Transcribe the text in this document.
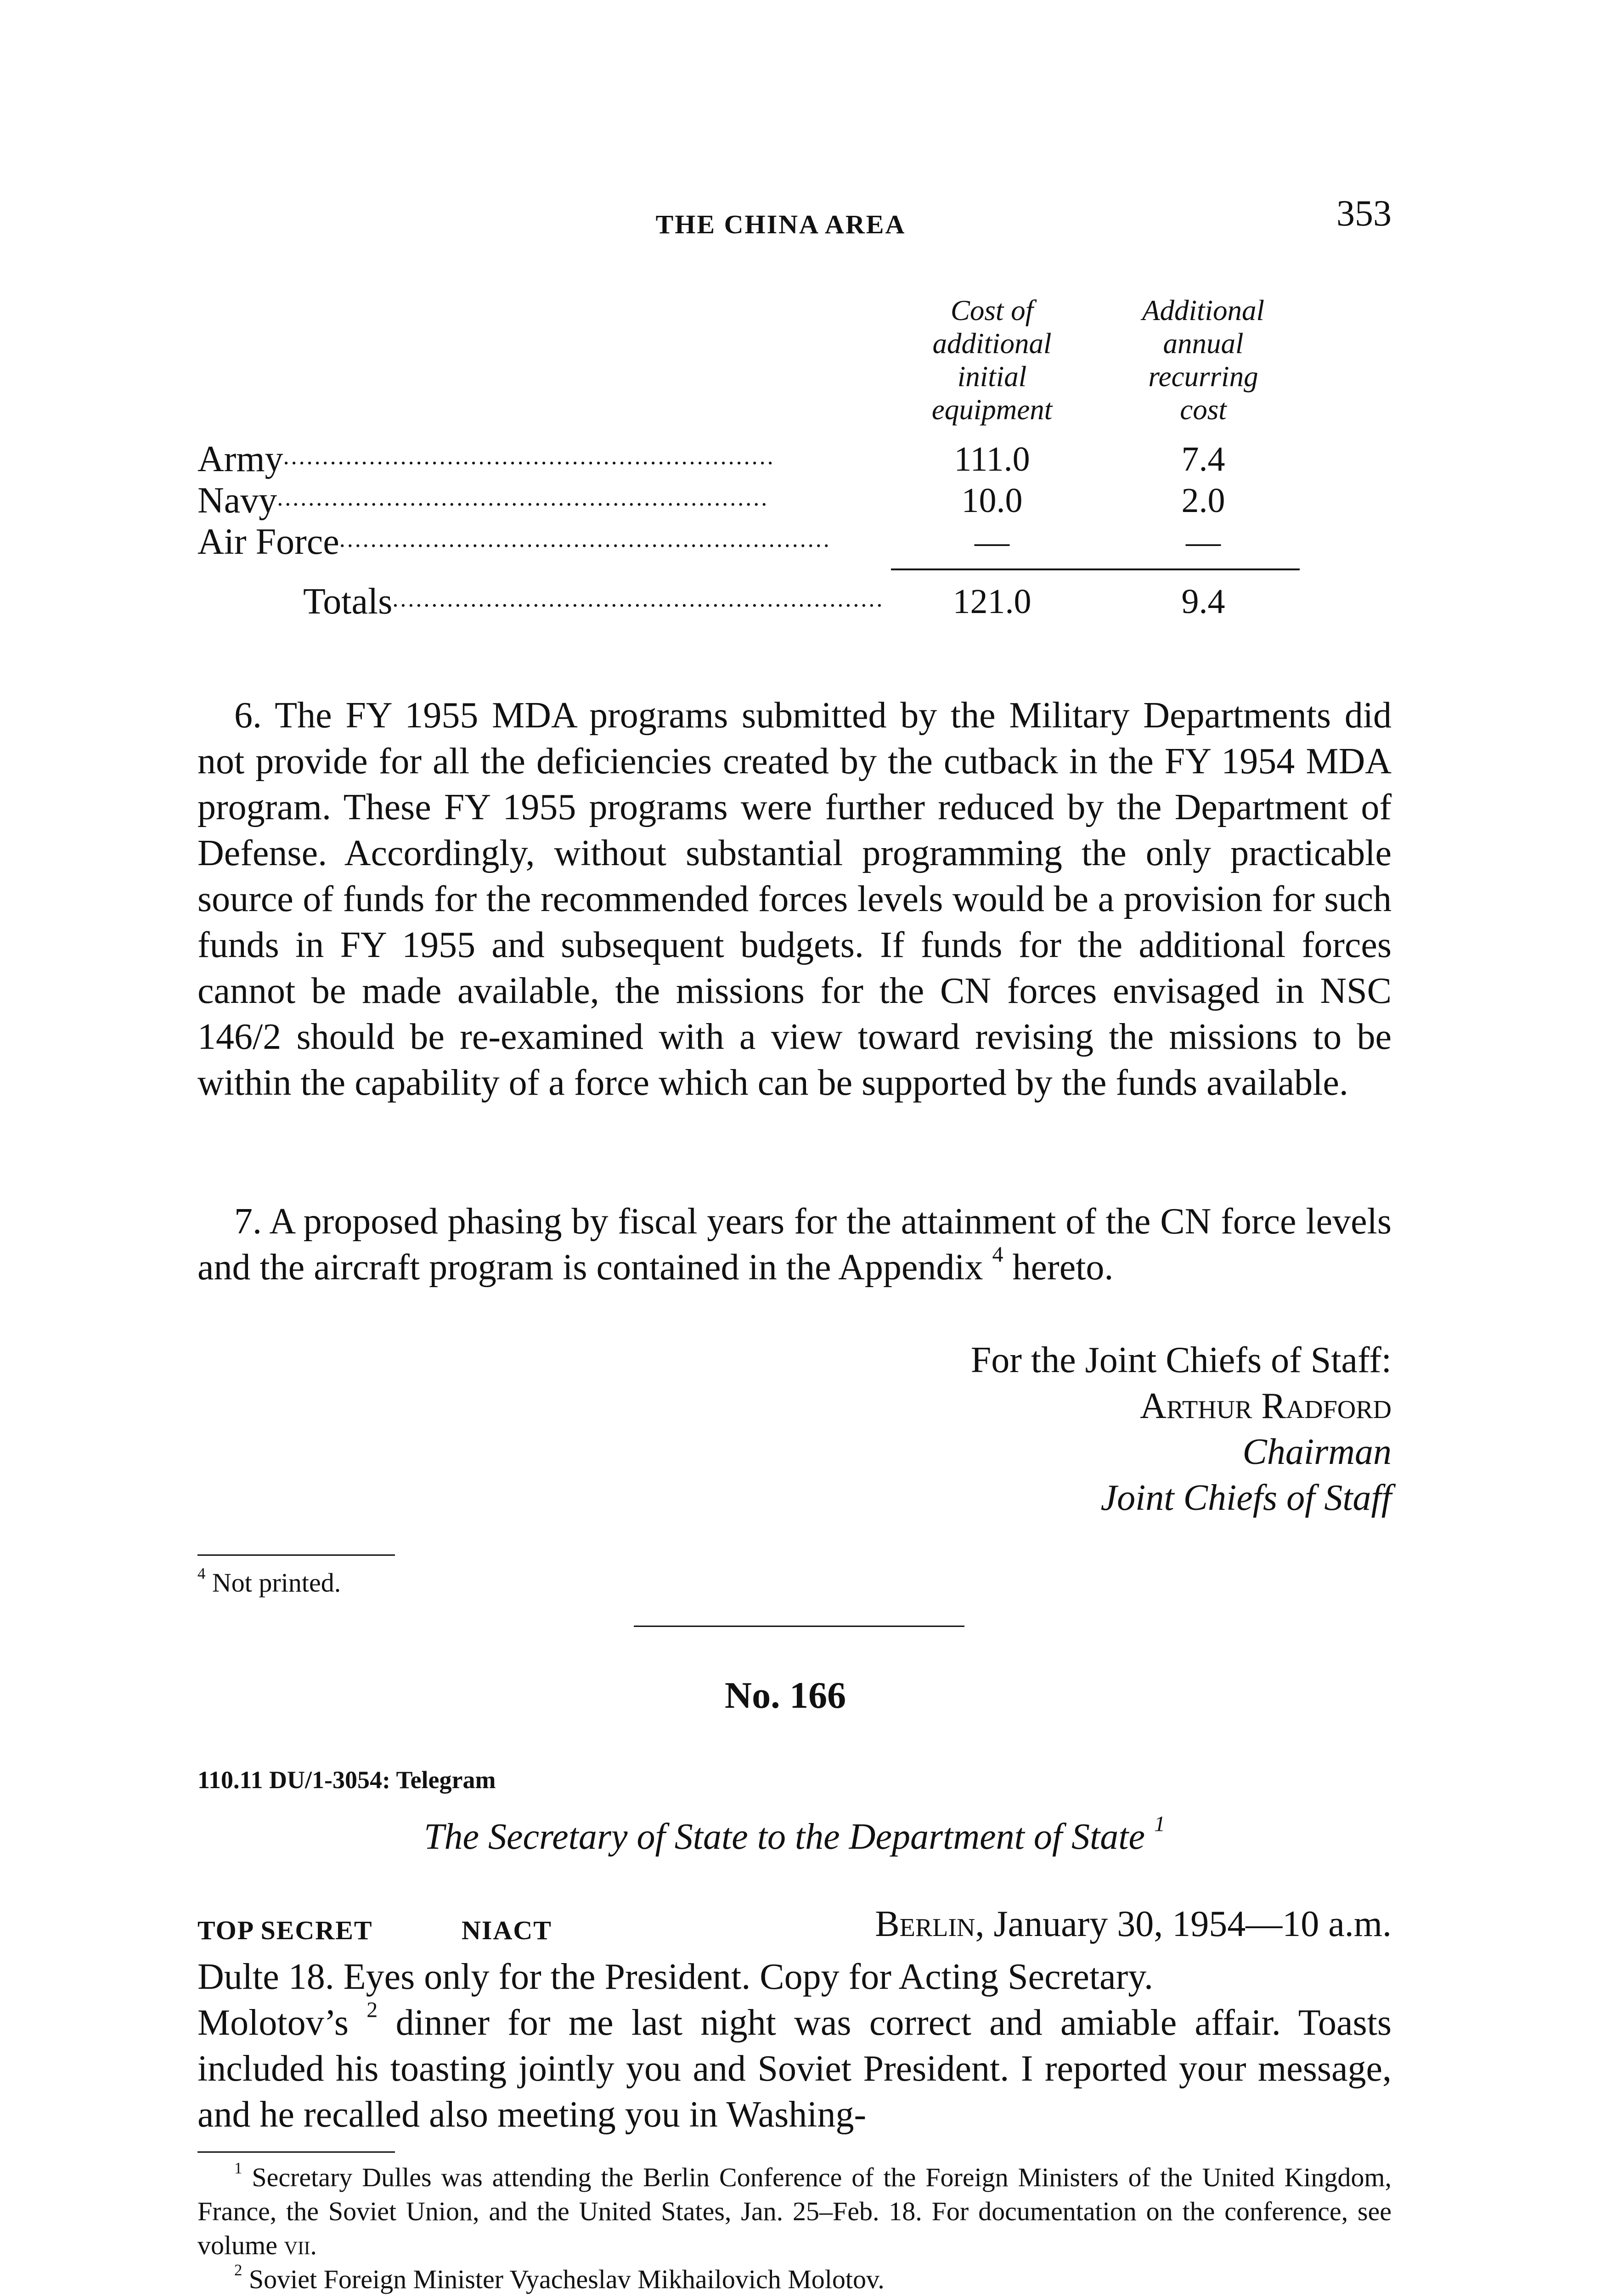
THE CHINA AREA	353
Cost of
additional
initial
equipment
Additional
annual
recurring
cost
Army ...............................................................	111.0	7.4
Navy ...............................................................	10.0	2.0
Air Force ...............................................................	—	—
Totals ...............................................................	121.0	9.4
6. The FY 1955 MDA programs submitted by the Military Departments did not provide for all the deficiencies created by the cutback in the FY 1954 MDA program. These FY 1955 programs were further reduced by the Department of Defense. Accordingly, without substantial programming the only practicable source of funds for the recommended forces levels would be a provision for such funds in FY 1955 and subsequent budgets. If funds for the additional forces cannot be made available, the missions for the CN forces envisaged in NSC 146/2 should be re-examined with a view toward revising the missions to be within the capability of a force which can be supported by the funds available.
7. A proposed phasing by fiscal years for the attainment of the CN force levels and the aircraft program is contained in the Appendix $^4$ hereto.
For the Joint Chiefs of Staff:
Arthur Radford
Chairman
Joint Chiefs of Staff
$^4$ Not printed.
No. 166
110.11 DU/1-3054: Telegram
The Secretary of State to the Department of State $^1$
TOP SECRET	NIACT	Berlin, January 30, 1954—10 a.m.
Dulte 18. Eyes only for the President. Copy for Acting Secretary.
Molotov’s $^2$ dinner for me last night was correct and amiable affair. Toasts included his toasting jointly you and Soviet President. I reported your message, and he recalled also meeting you in Washing-
$^1$ Secretary Dulles was attending the Berlin Conference of the Foreign Ministers of the United Kingdom, France, the Soviet Union, and the United States, Jan. 25–Feb. 18. For documentation on the conference, see volume vii.
$^2$ Soviet Foreign Minister Vyacheslav Mikhailovich Molotov.
